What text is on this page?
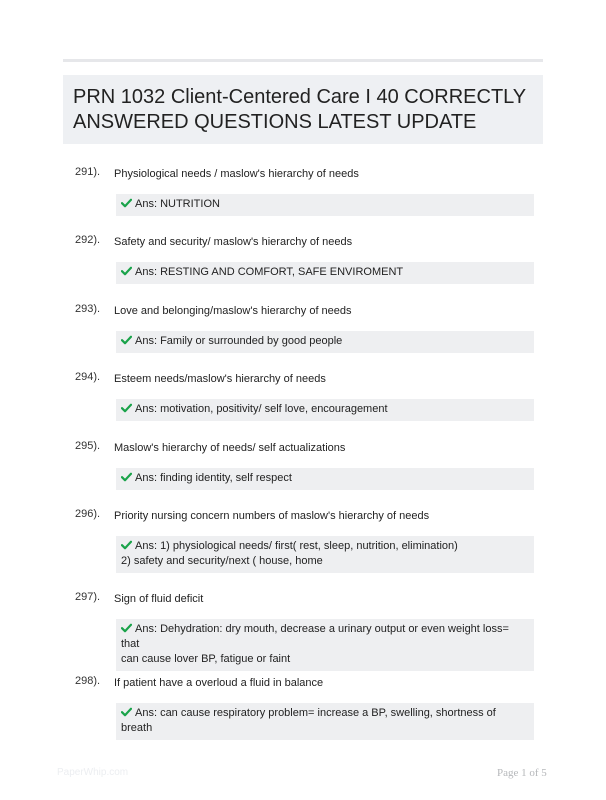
PRN 1032 Client-Centered Care I 40 CORRECTLY ANSWERED QUESTIONS LATEST UPDATE
291). Physiological needs / maslow's hierarchy of needs
Ans: NUTRITION
292). Safety and security/ maslow's hierarchy of needs
Ans: RESTING AND COMFORT, SAFE ENVIROMENT
293). Love and belonging/maslow's hierarchy of needs
Ans: Family or surrounded by good people
294). Esteem needs/maslow's hierarchy of needs
Ans: motivation, positivity/ self love, encouragement
295). Maslow's hierarchy of needs/ self actualizations
Ans: finding identity, self respect
296). Priority nursing concern numbers of maslow's hierarchy of needs
Ans: 1) physiological needs/ first( rest, sleep, nutrition, elimination)
2) safety and security/next ( house, home
297). Sign of fluid deficit
Ans: Dehydration: dry mouth, decrease a urinary output or even weight loss= that
can cause lover BP, fatigue or faint
298). If patient have a overloud a fluid in balance
Ans: can cause respiratory problem= increase a BP, swelling, shortness of breath
PaperWhip.com	Page 1 of 5
